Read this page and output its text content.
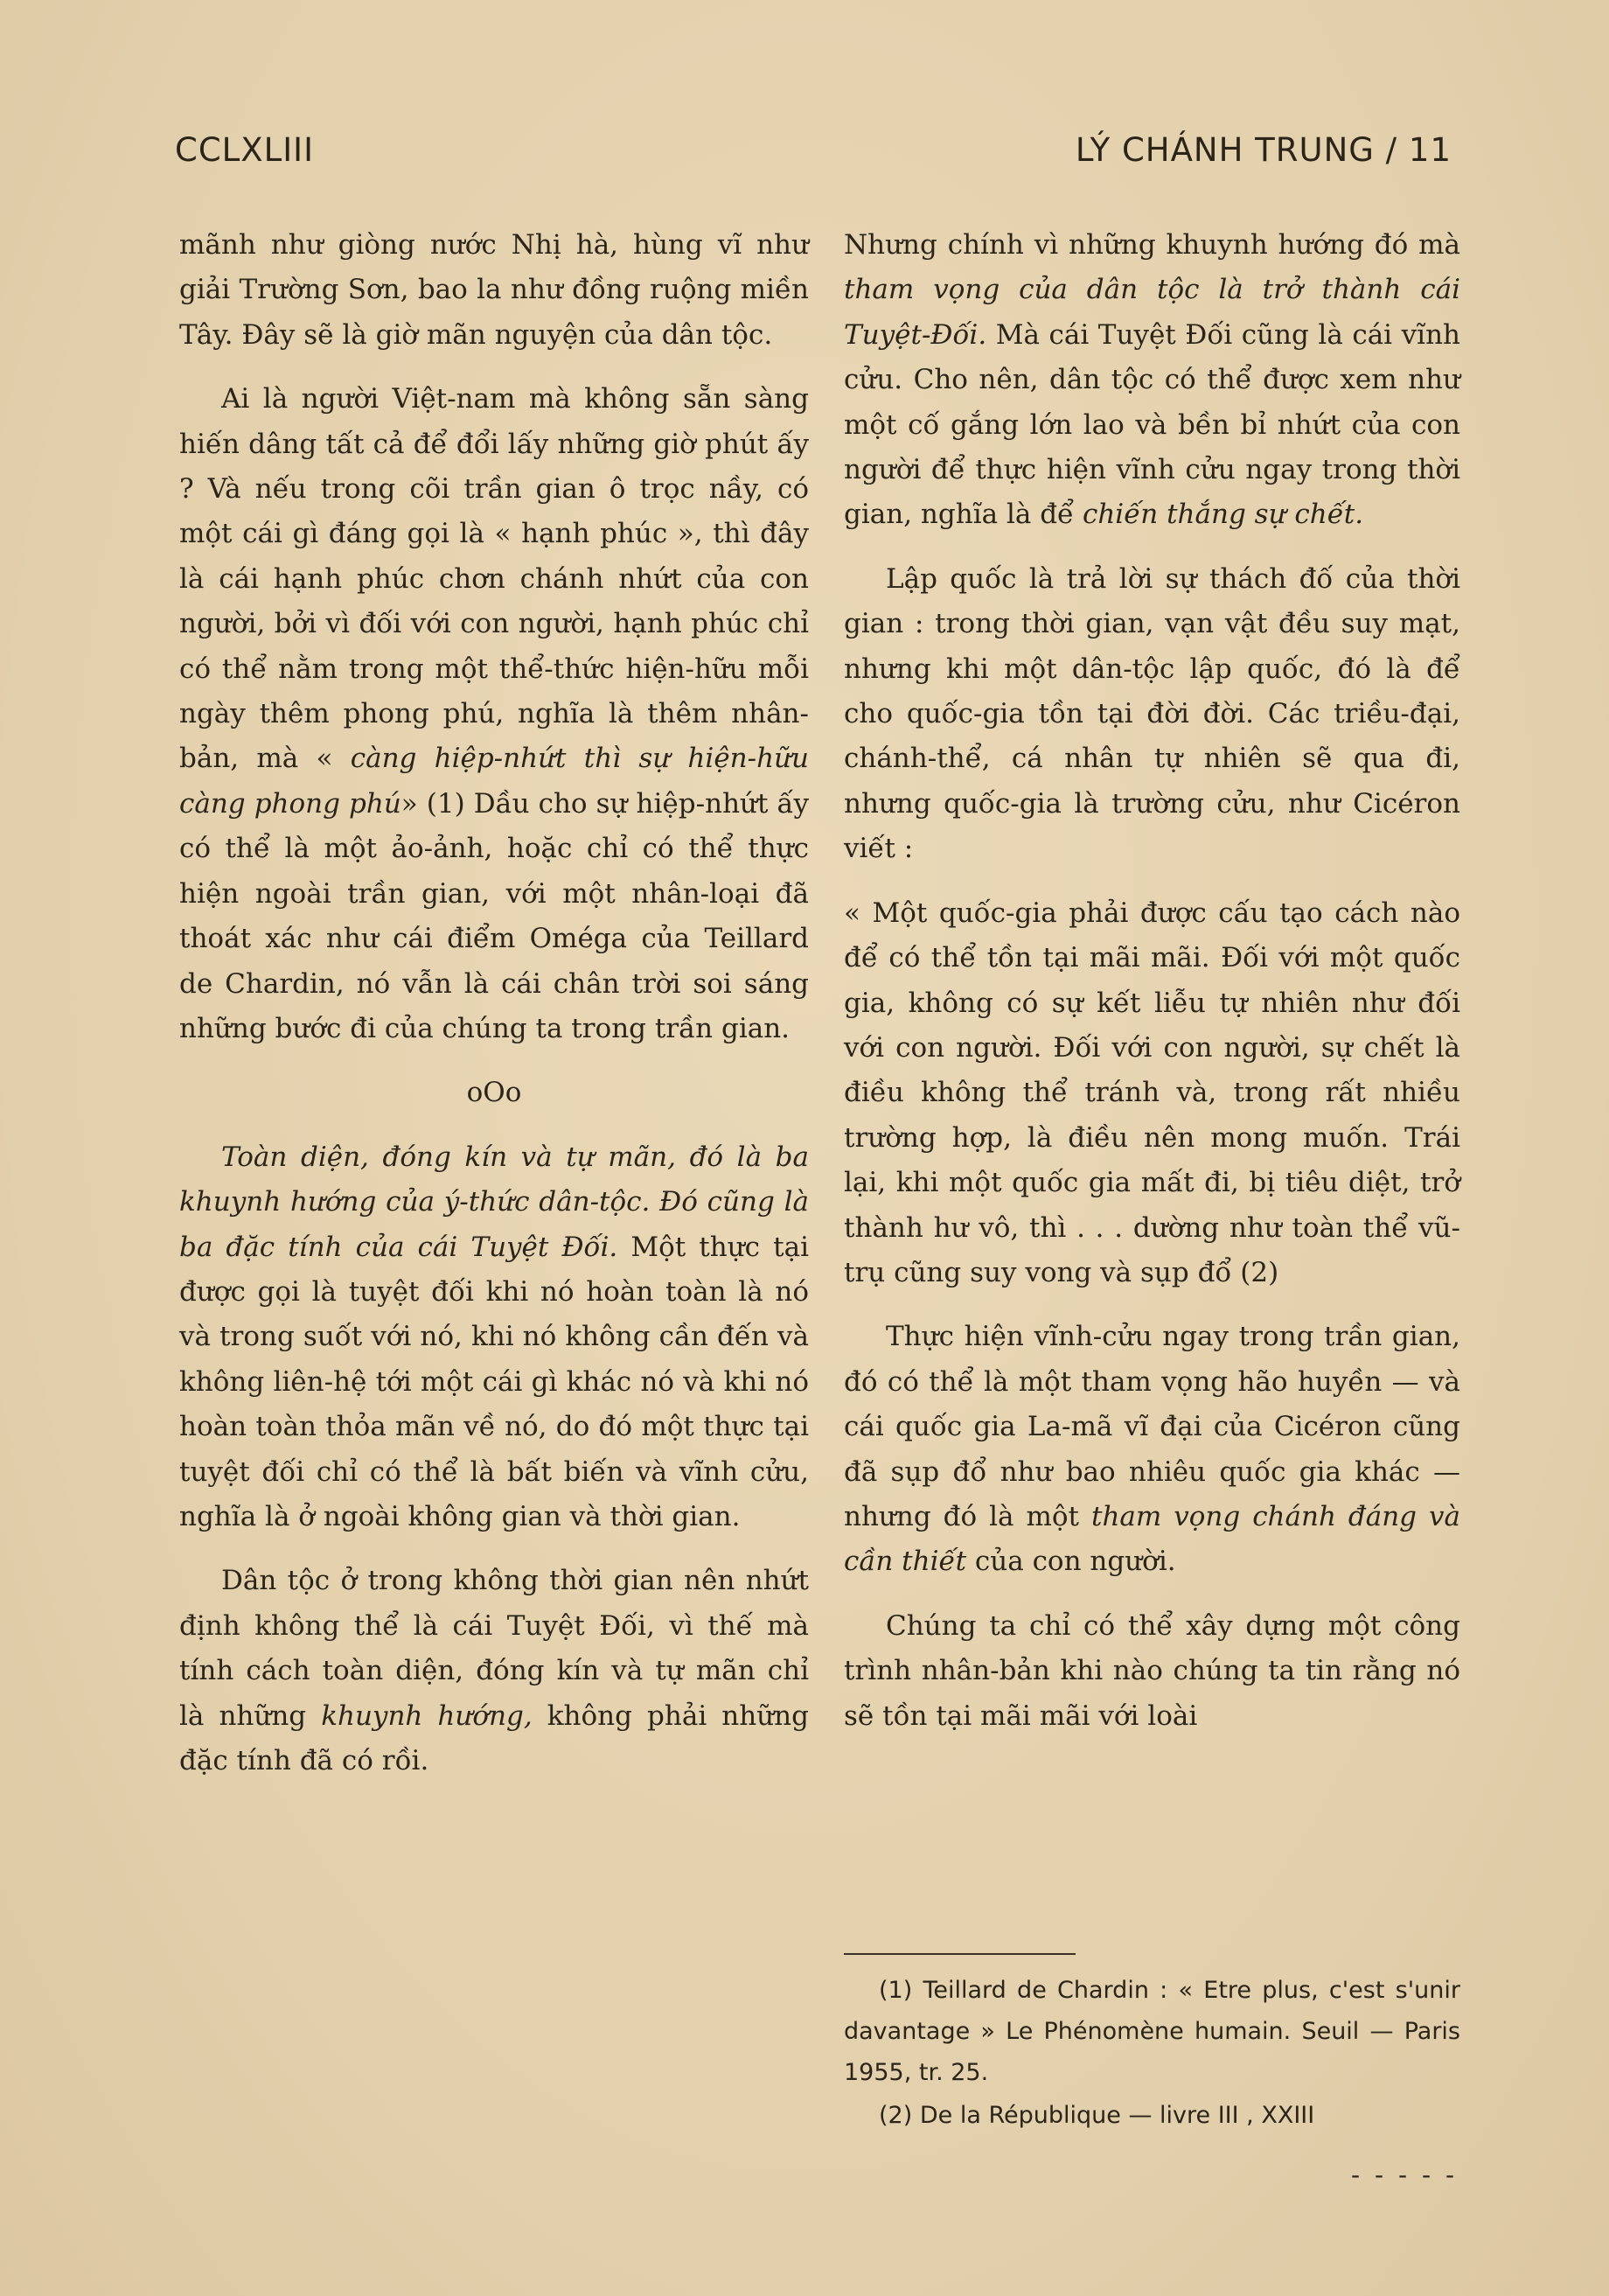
CCLXLIII	LÝ CHÁNH TRUNG / 11

mãnh như giòng nước Nhị hà, hùng vĩ như giải Trường Sơn, bao la như đồng ruộng miền Tây. Đây sẽ là giờ mãn nguyện của dân tộc.

Ai là người Việt-nam mà không sẵn sàng hiến dâng tất cả để đổi lấy những giờ phút ấy ? Và nếu trong cõi trần gian ô trọc nầy, có một cái gì đáng gọi là « hạnh phúc », thì đây là cái hạnh phúc chơn chánh nhứt của con người, bởi vì đối với con người, hạnh phúc chỉ có thể nằm trong một thể-thức hiện-hữu mỗi ngày thêm phong phú, nghĩa là thêm nhân-bản, mà « càng hiệp-nhứt thì sự hiện-hữu càng phong phú» (1) Dầu cho sự hiệp-nhứt ấy có thể là một ảo-ảnh, hoặc chỉ có thể thực hiện ngoài trần gian, với một nhân-loại đã thoát xác như cái điểm Oméga của Teillard de Chardin, nó vẫn là cái chân trời soi sáng những bước đi của chúng ta trong trần gian.

oOo

Toàn diện, đóng kín và tự mãn, đó là ba khuynh hướng của ý-thức dân-tộc. Đó cũng là ba đặc tính của cái Tuyệt Đối. Một thực tại được gọi là tuyệt đối khi nó hoàn toàn là nó và trong suốt với nó, khi nó không cần đến và không liên-hệ tới một cái gì khác nó và khi nó hoàn toàn thỏa mãn về nó, do đó một thực tại tuyệt đối chỉ có thể là bất biến và vĩnh cửu, nghĩa là ở ngoài không gian và thời gian.

Dân tộc ở trong không thời gian nên nhứt định không thể là cái Tuyệt Đối, vì thế mà tính cách toàn diện, đóng kín và tự mãn chỉ là những khuynh hướng, không phải những đặc tính đã có rồi.

Nhưng chính vì những khuynh hướng đó mà tham vọng của dân tộc là trở thành cái Tuyệt-Đối. Mà cái Tuyệt Đối cũng là cái vĩnh cửu. Cho nên, dân tộc có thể được xem như một cố gắng lớn lao và bền bỉ nhứt của con người để thực hiện vĩnh cửu ngay trong thời gian, nghĩa là để chiến thắng sự chết.

Lập quốc là trả lời sự thách đố của thời gian : trong thời gian, vạn vật đều suy mạt, nhưng khi một dân-tộc lập quốc, đó là để cho quốc-gia tồn tại đời đời. Các triều-đại, chánh-thể, cá nhân tự nhiên sẽ qua đi, nhưng quốc-gia là trường cửu, như Cicéron viết :

« Một quốc-gia phải được cấu tạo cách nào để có thể tồn tại mãi mãi. Đối với một quốc gia, không có sự kết liễu tự nhiên như đối với con người. Đối với con người, sự chết là điều không thể tránh và, trong rất nhiều trường hợp, là điều nên mong muốn. Trái lại, khi một quốc gia mất đi, bị tiêu diệt, trở thành hư vô, thì . . . dường như toàn thể vũ-trụ cũng suy vong và sụp đổ (2)

Thực hiện vĩnh-cửu ngay trong trần gian, đó có thể là một tham vọng hão huyền — và cái quốc gia La-mã vĩ đại của Cicéron cũng đã sụp đổ như bao nhiêu quốc gia khác — nhưng đó là một tham vọng chánh đáng và cần thiết của con người.

Chúng ta chỉ có thể xây dựng một công trình nhân-bản khi nào chúng ta tin rằng nó sẽ tồn tại mãi mãi với loài

(1) Teillard de Chardin : « Etre plus, c'est s'unir davantage » Le Phénomène humain. Seuil — Paris 1955, tr. 25.

(2) De la République — livre III , XXIII

- - - - -
